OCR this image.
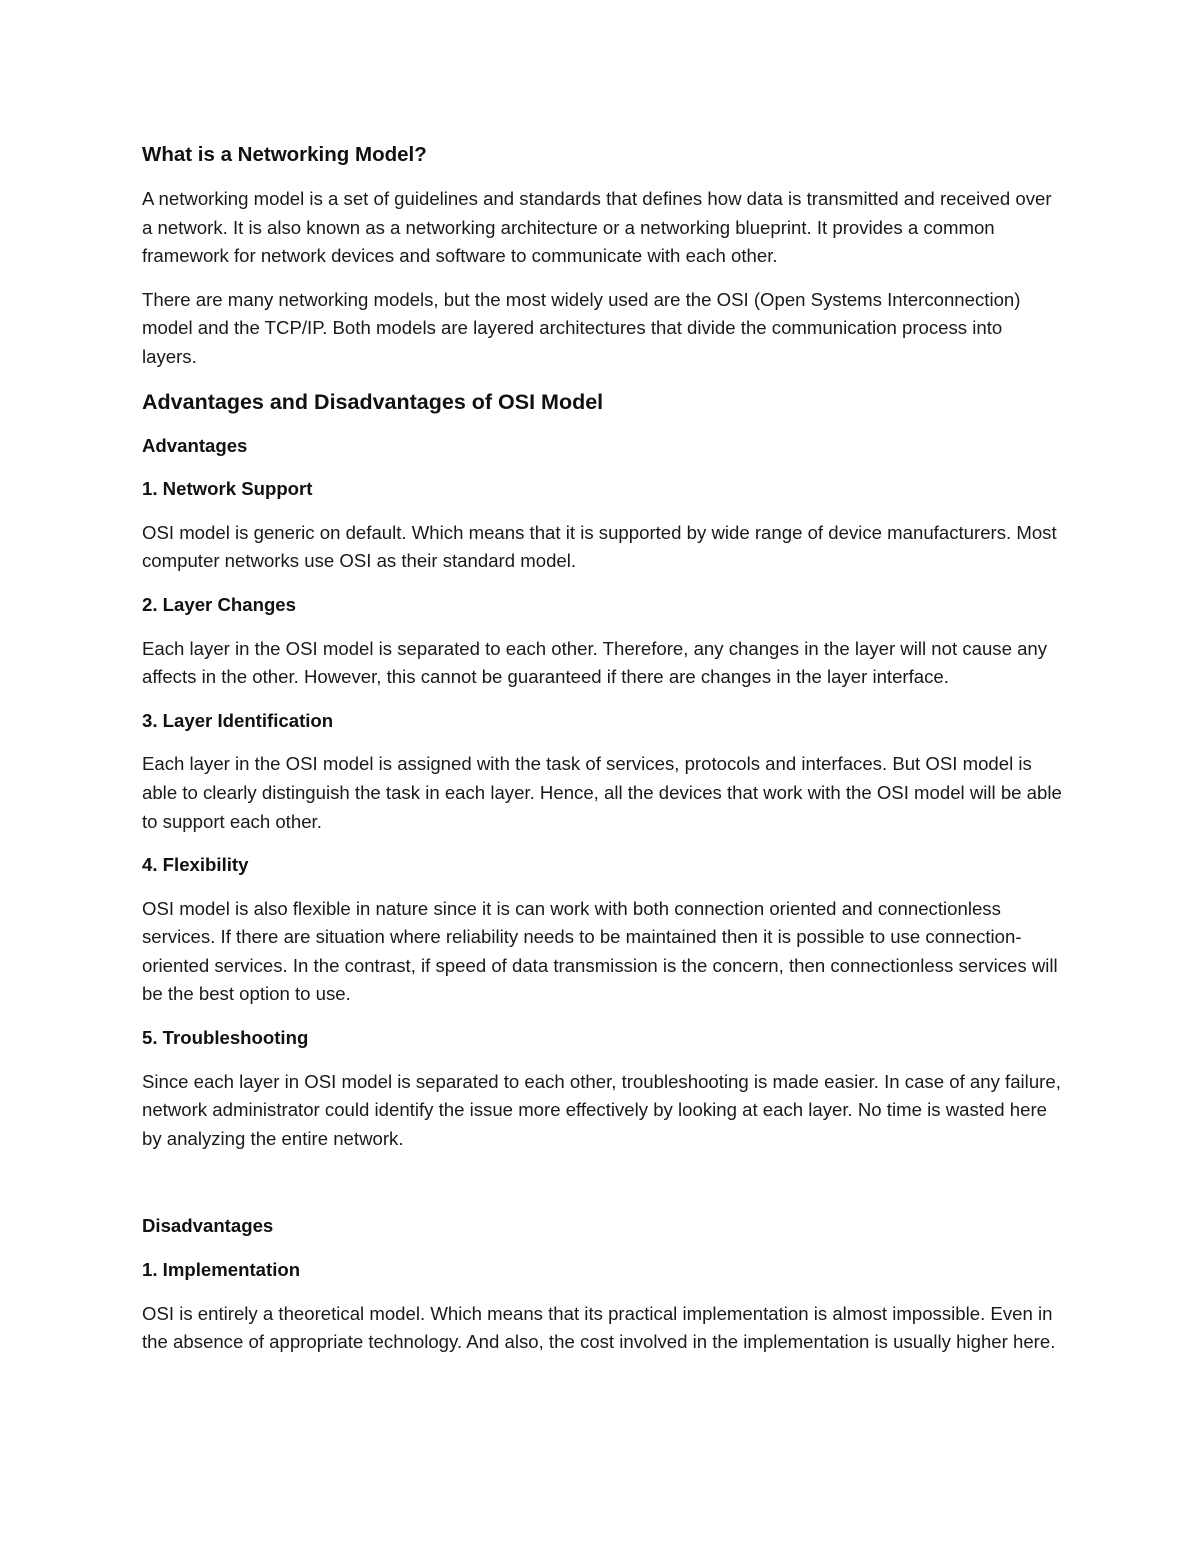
What is a Networking Model?

A networking model is a set of guidelines and standards that defines how data is transmitted and received over a network. It is also known as a networking architecture or a networking blueprint. It provides a common framework for network devices and software to communicate with each other.

There are many networking models, but the most widely used are the OSI (Open Systems Interconnection) model and the TCP/IP. Both models are layered architectures that divide the communication process into layers.

Advantages and Disadvantages of OSI Model

Advantages

1. Network Support

OSI model is generic on default. Which means that it is supported by wide range of device manufacturers. Most computer networks use OSI as their standard model.

2. Layer Changes

Each layer in the OSI model is separated to each other. Therefore, any changes in the layer will not cause any affects in the other. However, this cannot be guaranteed if there are changes in the layer interface.

3. Layer Identification

Each layer in the OSI model is assigned with the task of services, protocols and interfaces. But OSI model is able to clearly distinguish the task in each layer. Hence, all the devices that work with the OSI model will be able to support each other.

4. Flexibility

OSI model is also flexible in nature since it is can work with both connection oriented and connectionless services. If there are situation where reliability needs to be maintained then it is possible to use connection-oriented services. In the contrast, if speed of data transmission is the concern, then connectionless services will be the best option to use.

5. Troubleshooting

Since each layer in OSI model is separated to each other, troubleshooting is made easier. In case of any failure, network administrator could identify the issue more effectively by looking at each layer. No time is wasted here by analyzing the entire network.

Disadvantages

1. Implementation

OSI is entirely a theoretical model. Which means that its practical implementation is almost impossible. Even in the absence of appropriate technology. And also, the cost involved in the implementation is usually higher here.
